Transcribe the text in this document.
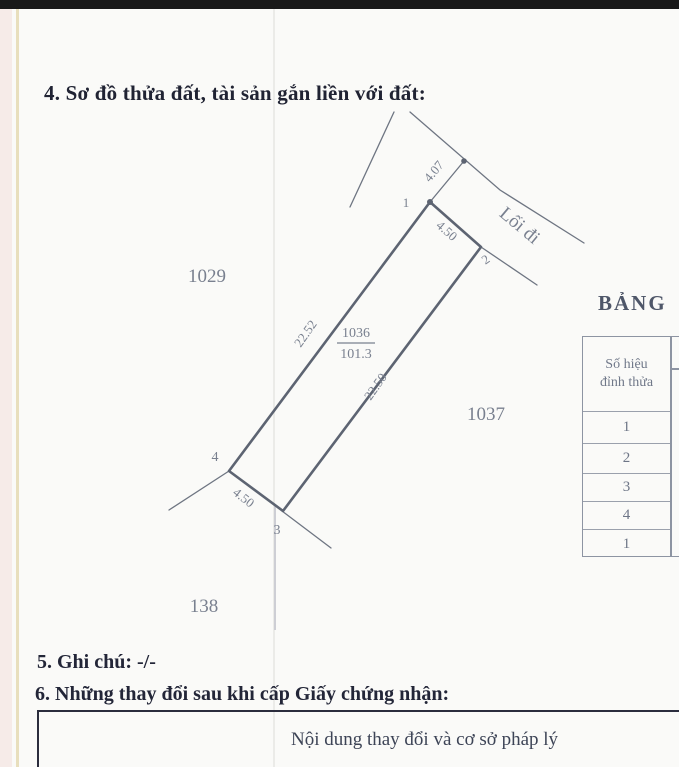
4. Sơ đồ thửa đất, tài sản gắn liền với đất:
4.07
4.50
22.52
22.50
4.50
1
2
3
4
1036
101.3
1029
1037
138
Lối đi
BẢNG
Số hiệu
đỉnh thửa
1
2
3
4
1
5. Ghi chú: -/-
6. Những thay đổi sau khi cấp Giấy chứng nhận:
Nội dung thay đổi và cơ sở pháp lý
